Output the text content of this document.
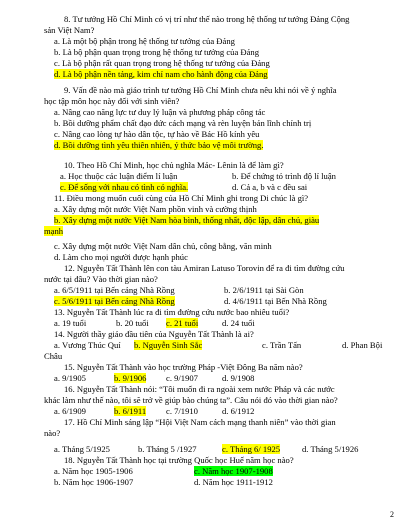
8. Tư tưởng Hồ Chí Minh có vị trí như thế nào trong hệ thống tư tưởng Đảng Cộng
sản Việt Nam?
a. Là một bộ phận trong hệ thống tư tưởng của Đảng
b. Là bộ phận quan trọng trong hệ thống tư tưởng của Đảng
c. Là bộ phận rất quan trọng trong hệ thống tư tưởng của Đảng
d. Là bộ phận nền tảng, kim chỉ nam cho hành động của Đảng
9. Vấn đề nào mà giáo trình tư tưởng Hồ Chí Minh chưa nêu khi nói về ý nghĩa
học tập môn học này đối với sinh viên?
a. Nâng cao năng lực tư duy lý luận và phương pháp công tác
b. Bồi dưỡng phẩm chất đạo đức cách mạng và rèn luyện bản lĩnh chính trị
c. Nâng cao lòng tự hào dân tộc, tự hào về Bác Hồ kính yêu
d. Bồi dưỡng tình yêu thiên nhiên, ý thức bảo vệ môi trường.
10. Theo Hồ Chí Minh, học chủ nghĩa Mác- Lênin là để làm gì?
a. Học thuộc các luận điểm lí luận	b. Để chứng tỏ trình độ lí luận
c. Để sống với nhau có tình có nghĩa.	d. Cả a, b và c đều sai
11. Điều mong muốn cuối cùng của Hồ Chí Minh ghi trong Di chúc là gì?
a. Xây dựng một nước Việt Nam phồn vinh và cường thịnh
b. Xây dựng một nước Việt Nam hòa bình, thống nhất, độc lập, dân chủ, giàu
mạnh
c. Xây dựng một nước Việt Nam dân chủ, công bằng, văn minh
d. Làm cho mọi người được hạnh phúc
12. Nguyễn Tất Thành lên con tàu Amiran Latuso Torovin để ra đi tìm đường cứu
nước tại đâu? Vào thời gian nào?
a. 6/5/1911 tại Bến cảng Nhà Rồng	b. 2/6/1911 tại Sài Gòn
c. 5/6/1911 tại Bến cảng Nhà Rồng	d. 4/6/1911 tại Bến Nhà Rồng
13. Nguyễn Tất Thành lúc ra đi tìm đường cứu nước bao nhiêu tuổi?
a. 19 tuổi	b. 20 tuổi	c. 21 tuổi	d. 24 tuổi
14. Người thầy giáo đầu tiên của Nguyễn Tất Thành là ai?
a. Vương Thúc Quí	b. Nguyễn Sinh Sắc	c. Trần Tấn	d. Phan Bội
Châu
15. Nguyễn Tất Thành vào học trường Pháp -Việt Đông Ba năm nào?
a. 9/1905	b. 9/1906	c. 9/1907	d. 9/1908
16. Nguyễn Tất Thành nói: “Tôi muốn đi ra ngoài xem nước Pháp và các nước
khác làm như thế nào, tôi sẽ trở về giúp bào chúng ta”. Câu nói đó vào thời gian nào?
a. 6/1909	b. 6/1911	c. 7/1910	d. 6/1912
17. Hồ Chí Minh sáng lập “Hội Việt Nam cách mạng thanh niên” vào thời gian
nào?
a. Tháng 5/1925	b. Tháng 5 /1927	c. Tháng 6/ 1925	d. Tháng 5/1926
18. Nguyễn Tất Thành học tại trường Quốc học Huế năm học nào?
a. Năm học 1905-1906	c. Năm học 1907-1908
b. Năm học 1906-1907	d. Năm học 1911-1912
2
